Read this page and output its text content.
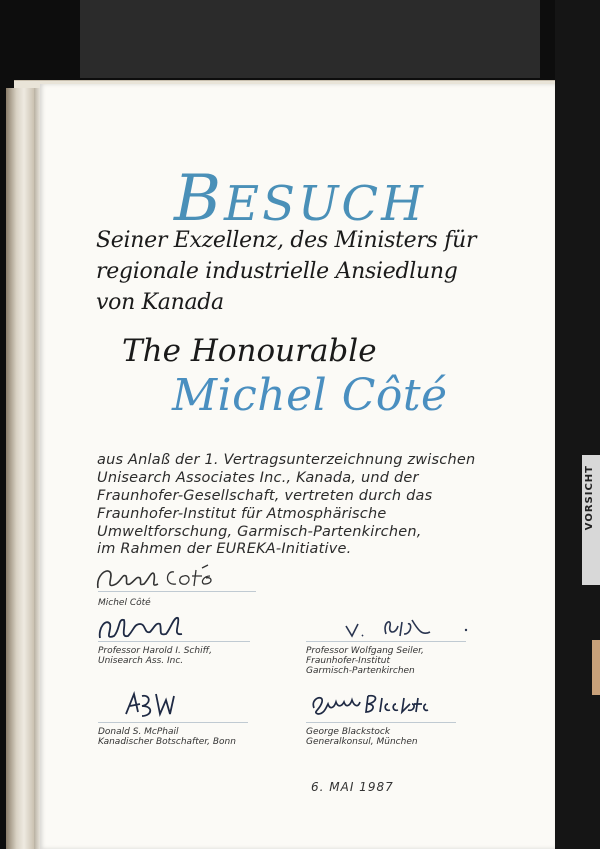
VORSICHT
BESUCH
Seiner Exzellenz, des Ministers für
regionale industrielle Ansiedlung
von Kanada
The Honourable
Michel Côté
aus Anlaß der 1. Vertragsunterzeichnung zwischen
Unisearch Associates Inc., Kanada, und der
Fraunhofer-Gesellschaft, vertreten durch das
Fraunhofer-Institut für Atmosphärische
Umweltforschung, Garmisch-Partenkirchen,
im Rahmen der EUREKA-Initiative.
Michel Côté
Professor Harold I. Schiff,
Unisearch Ass. Inc.
Professor Wolfgang Seiler,
Fraunhofer-Institut
Garmisch-Partenkirchen
Donald S. McPhail
Kanadischer Botschafter, Bonn
George Blackstock
Generalkonsul, München
6. MAI 1987
